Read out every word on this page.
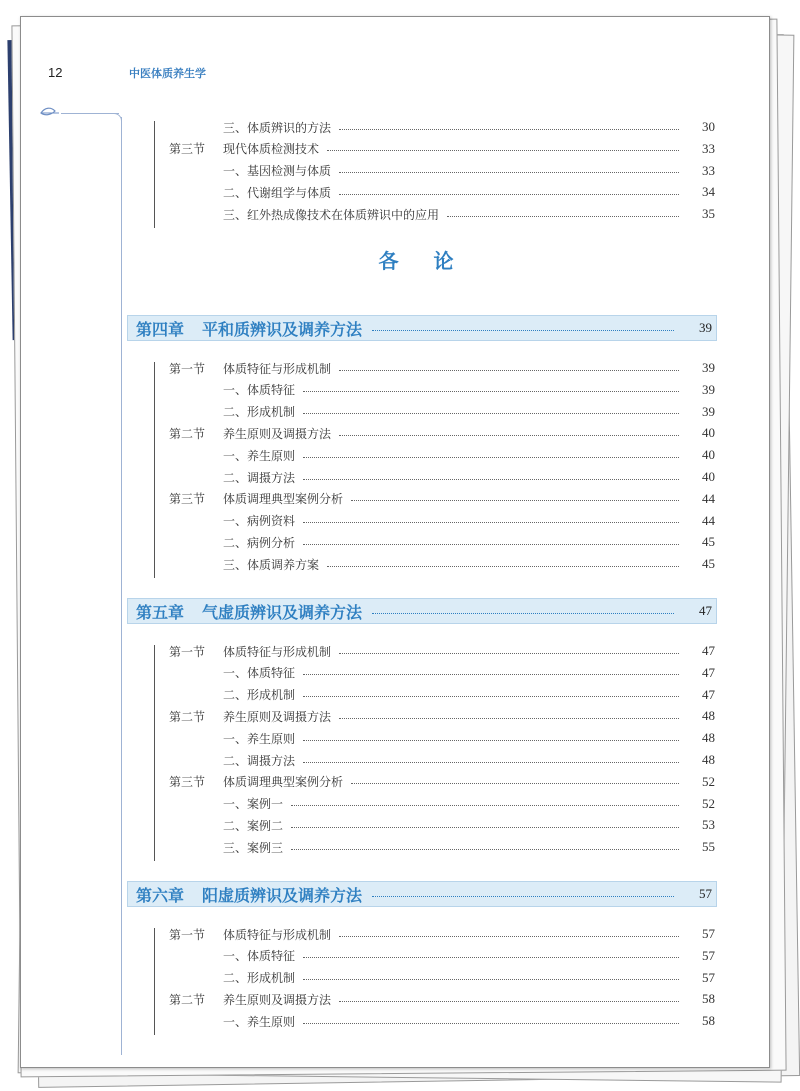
12	中医体质养生学
各 论
三、体质辨识的方法	30
第三节	现代体质检测技术	33
一、基因检测与体质	33
二、代谢组学与体质	34
三、红外热成像技术在体质辨识中的应用	35
第四章 平和质辨识及调养方法	39
第一节	体质特征与形成机制	39
一、体质特征	39
二、形成机制	39
第二节	养生原则及调摄方法	40
一、养生原则	40
二、调摄方法	40
第三节	体质调理典型案例分析	44
一、病例资料	44
二、病例分析	45
三、体质调养方案	45
第五章 气虚质辨识及调养方法	47
第一节	体质特征与形成机制	47
一、体质特征	47
二、形成机制	47
第二节	养生原则及调摄方法	48
一、养生原则	48
二、调摄方法	48
第三节	体质调理典型案例分析	52
一、案例一	52
二、案例二	53
三、案例三	55
第六章 阳虚质辨识及调养方法	57
第一节	体质特征与形成机制	57
一、体质特征	57
二、形成机制	57
第二节	养生原则及调摄方法	58
一、养生原则	58
